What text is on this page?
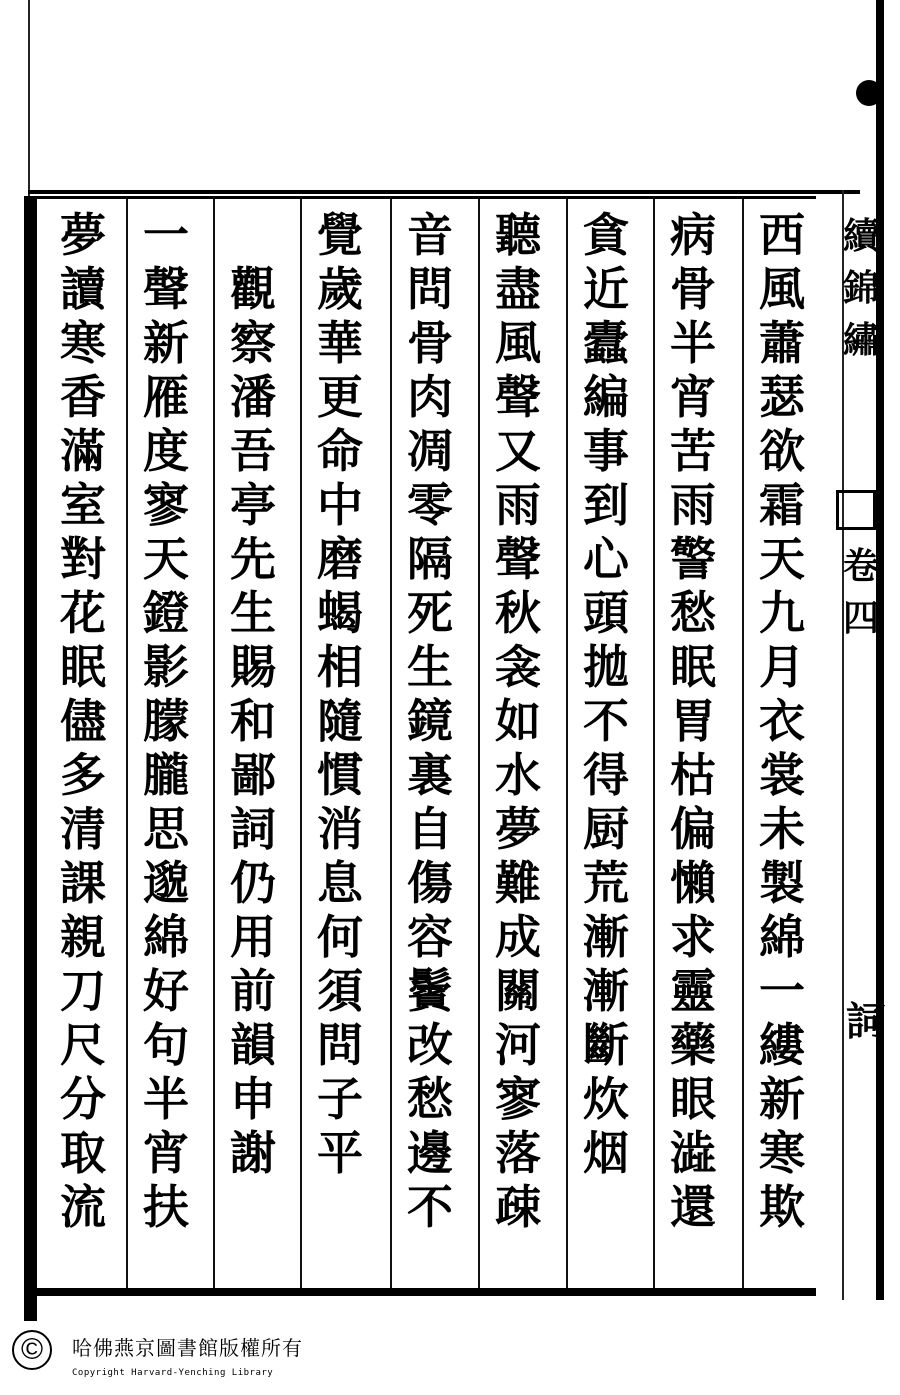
西
風
蕭
瑟
欲
霜
天
九
月
衣
裳
未
製
綿
一
縷
新
寒
欺
病
骨
半
宵
苦
雨
警
愁
眠
胃
枯
偏
懶
求
靈
藥
眼
澁
還
貪
近
蠹
編
事
到
心
頭
拋
不
得
厨
荒
漸
漸
斷
炊
烟
聽
盡
風
聲
又
雨
聲
秋
衾
如
水
夢
難
成
關
河
寥
落
疎
音
問
骨
肉
凋
零
隔
死
生
鏡
裏
自
傷
容
鬢
改
愁
邊
不
覺
歲
華
更
命
中
磨
蝎
相
隨
慣
消
息
何
須
問
子
平

觀
察
潘
吾
亭
先
生
賜
和
鄙
詞
仍
用
前
韻
申
謝
一
聲
新
雁
度
寥
天
鐙
影
朦
朧
思
邈
綿
好
句
半
宵
扶
夢
讀
寒
香
滿
室
對
花
眠
儘
多
清
課
親
刀
尺
分
取
流
續
錦
繡
卷
四
詞
©	哈佛燕京圖書館版權所有
Copyright Harvard-Yenching Library
